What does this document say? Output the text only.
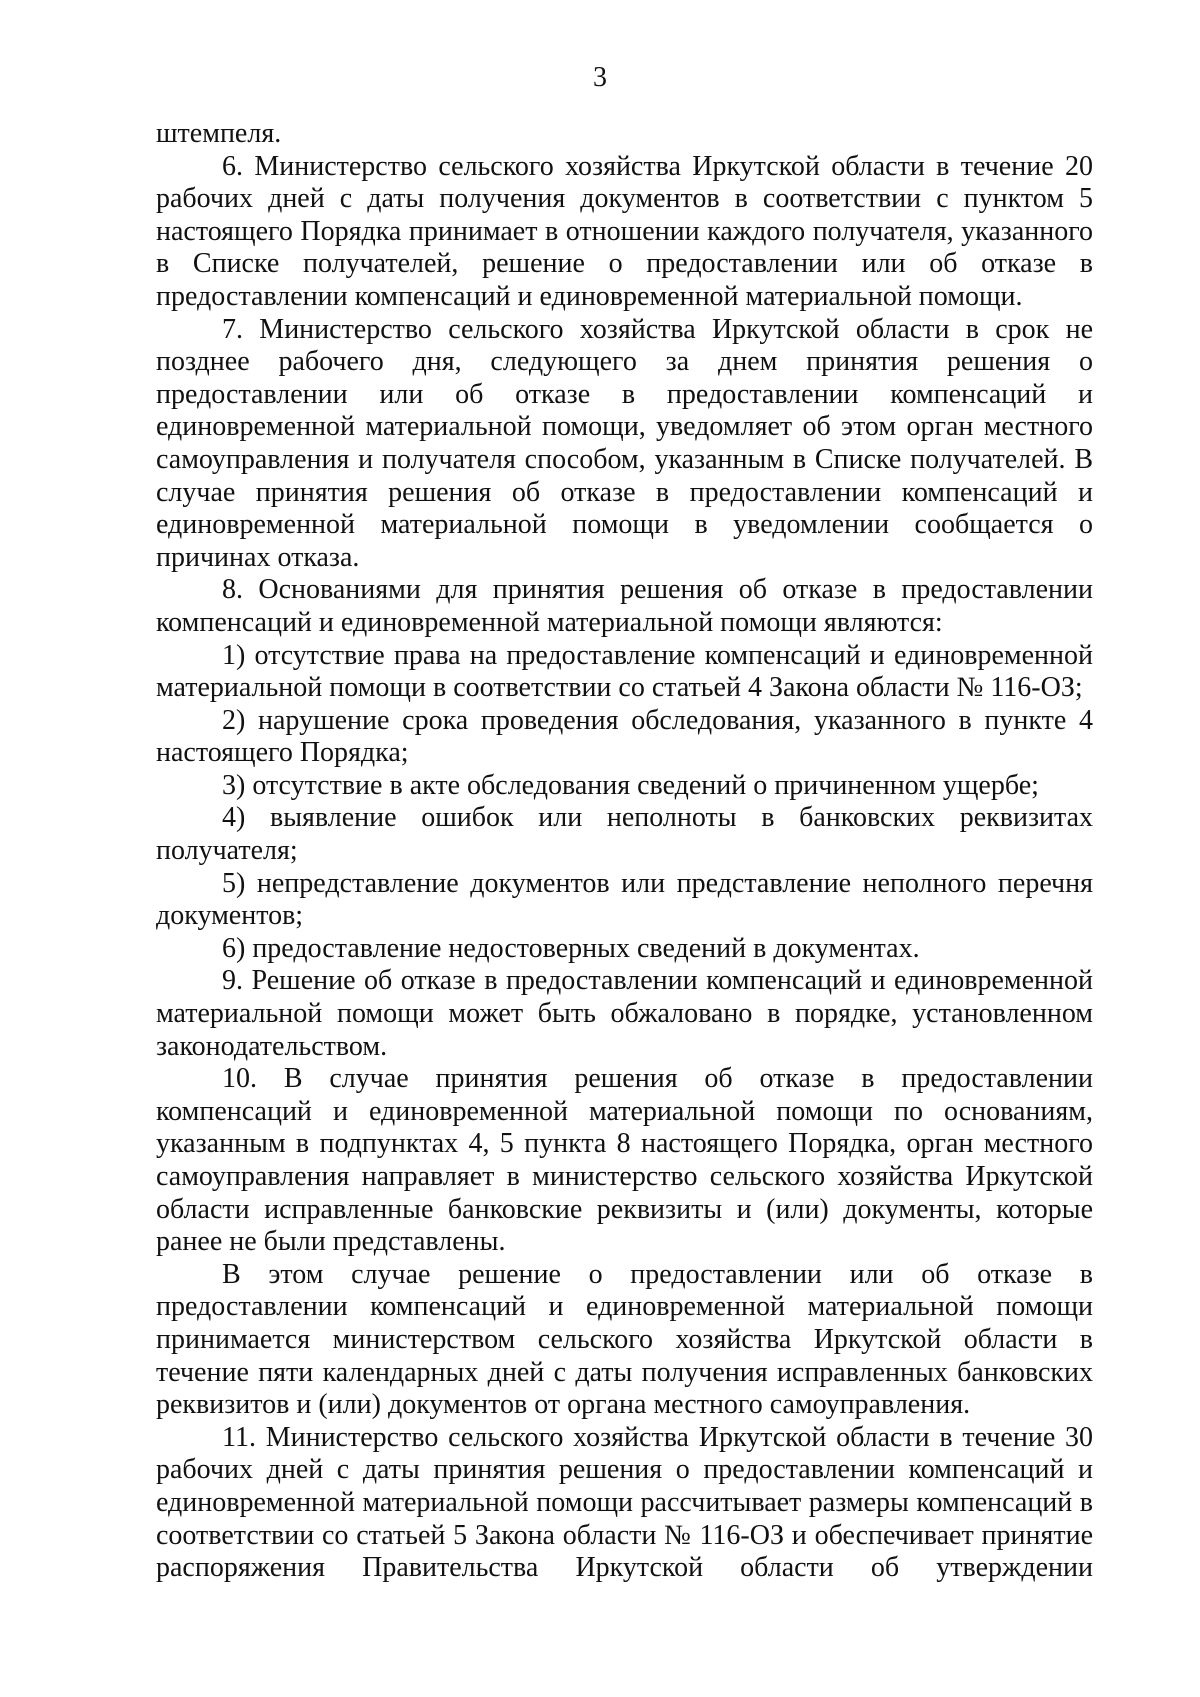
3

штемпеля.

6. Министерство сельского хозяйства Иркутской области в течение 20 рабочих дней с даты получения документов в соответствии с пунктом 5 настоящего Порядка принимает в отношении каждого получателя, указанного в Списке получателей, решение о предоставлении или об отказе в предоставлении компенсаций и единовременной материальной помощи.

7. Министерство сельского хозяйства Иркутской области в срок не позднее рабочего дня, следующего за днем принятия решения о предоставлении или об отказе в предоставлении компенсаций и единовременной материальной помощи, уведомляет об этом орган местного самоуправления и получателя способом, указанным в Списке получателей. В случае принятия решения об отказе в предоставлении компенсаций и единовременной материальной помощи в уведомлении сообщается о причинах отказа.

8. Основаниями для принятия решения об отказе в предоставлении компенсаций и единовременной материальной помощи являются:

1) отсутствие права на предоставление компенсаций и единовременной материальной помощи в соответствии со статьей 4 Закона области № 116-ОЗ;

2) нарушение срока проведения обследования, указанного в пункте 4 настоящего Порядка;

3) отсутствие в акте обследования сведений о причиненном ущербе;

4) выявление ошибок или неполноты в банковских реквизитах получателя;

5) непредставление документов или представление неполного перечня документов;

6) предоставление недостоверных сведений в документах.

9. Решение об отказе в предоставлении компенсаций и единовременной материальной помощи может быть обжаловано в порядке, установленном законодательством.

10. В случае принятия решения об отказе в предоставлении компенсаций и единовременной материальной помощи по основаниям, указанным в подпунктах 4, 5 пункта 8 настоящего Порядка, орган местного самоуправления направляет в министерство сельского хозяйства Иркутской области исправленные банковские реквизиты и (или) документы, которые ранее не были представлены.

В этом случае решение о предоставлении или об отказе в предоставлении компенсаций и единовременной материальной помощи принимается министерством сельского хозяйства Иркутской области в течение пяти календарных дней с даты получения исправленных банковских реквизитов и (или) документов от органа местного самоуправления.

11. Министерство сельского хозяйства Иркутской области в течение 30 рабочих дней с даты принятия решения о предоставлении компенсаций и единовременной материальной помощи рассчитывает размеры компенсаций в соответствии со статьей 5 Закона области № 116-ОЗ и обеспечивает принятие распоряжения Правительства Иркутской области об утверждении
